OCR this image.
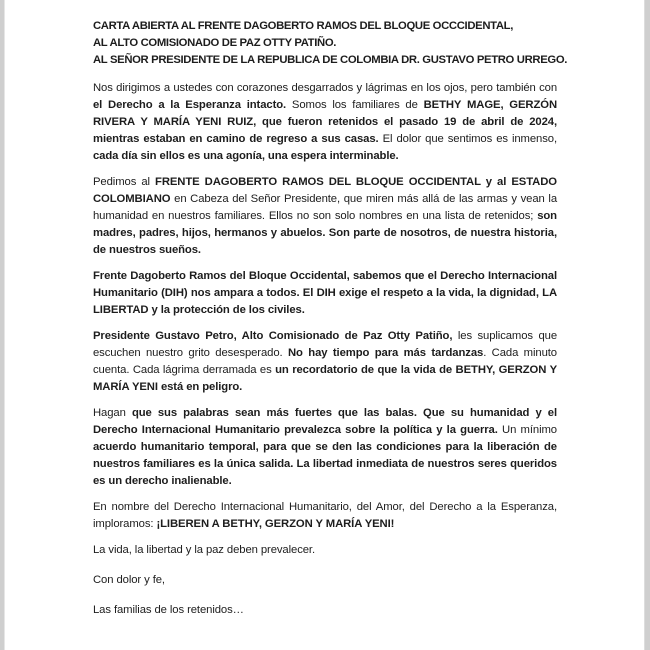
CARTA ABIERTA AL FRENTE DAGOBERTO RAMOS DEL BLOQUE OCCCIDENTAL,
AL ALTO COMISIONADO DE PAZ OTTY PATIÑO.
AL SEÑOR PRESIDENTE DE LA REPUBLICA DE COLOMBIA DR. GUSTAVO PETRO URREGO.

Nos dirigimos a ustedes con corazones desgarrados y lágrimas en los ojos, pero también con el Derecho a la Esperanza intacto. Somos los familiares de BETHY MAGE, GERZÓN RIVERA Y MARÍA YENI RUIZ, que fueron retenidos el pasado 19 de abril de 2024, mientras estaban en camino de regreso a sus casas. El dolor que sentimos es inmenso, cada día sin ellos es una agonía, una espera interminable.

Pedimos al FRENTE DAGOBERTO RAMOS DEL BLOQUE OCCIDENTAL y al ESTADO COLOMBIANO en Cabeza del Señor Presidente, que miren más allá de las armas y vean la humanidad en nuestros familiares. Ellos no son solo nombres en una lista de retenidos; son madres, padres, hijos, hermanos y abuelos. Son parte de nosotros, de nuestra historia, de nuestros sueños.

Frente Dagoberto Ramos del Bloque Occidental, sabemos que el Derecho Internacional Humanitario (DIH) nos ampara a todos. El DIH exige el respeto a la vida, la dignidad, LA LIBERTAD y la protección de los civiles.

Presidente Gustavo Petro, Alto Comisionado de Paz Otty Patiño, les suplicamos que escuchen nuestro grito desesperado. No hay tiempo para más tardanzas. Cada minuto cuenta. Cada lágrima derramada es un recordatorio de que la vida de BETHY, GERZON Y MARÍA YENI está en peligro.

Hagan que sus palabras sean más fuertes que las balas. Que su humanidad y el Derecho Internacional Humanitario prevalezca sobre la política y la guerra. Un mínimo acuerdo humanitario temporal, para que se den las condiciones para la liberación de nuestros familiares es la única salida. La libertad inmediata de nuestros seres queridos es un derecho inalienable.

En nombre del Derecho Internacional Humanitario, del Amor, del Derecho a la Esperanza, imploramos: ¡LIBEREN A BETHY, GERZON Y MARÍA YENI!

La vida, la libertad y la paz deben prevalecer.

Con dolor y fe,

Las familias de los retenidos…
